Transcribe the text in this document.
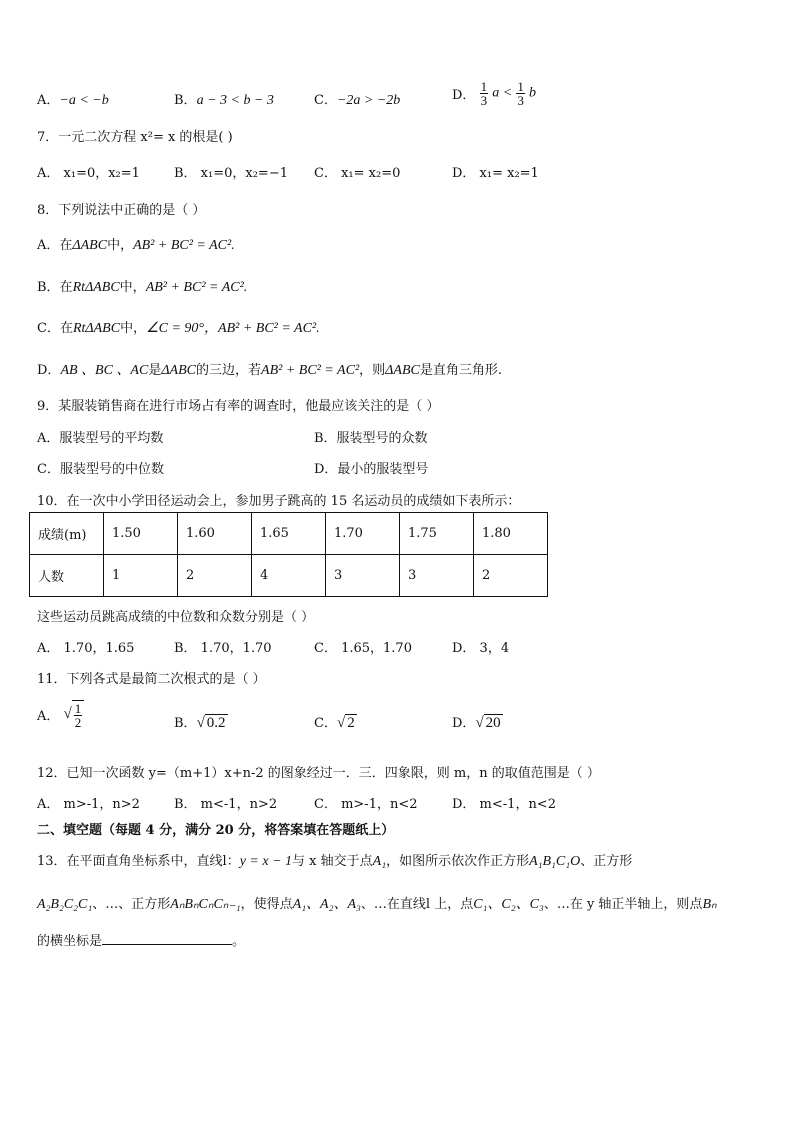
A．−a < −b	B．a − 3 < b − 3	C．−2a > −2b	D． $\frac{1}{3}$ $a < \frac{1}{3}$ b
7．一元二次方程 x²= x 的根是( )
A． x₁=0，x₂=1	B． x₁=0，x₂=−1 C． x₁= x₂=0	D． x₁= x₂=1
8．下列说法中正确的是（ ）
A．在ΔABC中，AB² + BC² = AC².
B．在RtΔABC中，AB² + BC² = AC².
C．在RtΔABC中，∠C = 90°，AB² + BC² = AC².
D．AB 、BC 、AC是ΔABC的三边，若AB² + BC² = AC²，则ΔABC是直角三角形.
9．某服装销售商在进行市场占有率的调查时，他最应该关注的是（ ）
A．服装型号的平均数	B．服装型号的众数
C．服装型号的中位数	D．最小的服装型号
10．在一次中小学田径运动会上，参加男子跳高的 15 名运动员的成绩如下表所示：
成绩(m)	1.50	1.60	1.65	1.70	1.75	1.80
人数	1	2	4	3	3	2
这些运动员跳高成绩的中位数和众数分别是（ ）
A． 1.70，1.65	B． 1.70，1.70	C． 1.65，1.70	D． 3，4
11．下列各式是最简二次根式的是（ ）
A． √ $\frac{1}{2}$	B．√ 0.2	C．√ 2	D．√ 20
12．已知一次函数 y=（m+1）x+n-2 的图象经过一．三．四象限，则 m，n 的取值范围是（ ）
A． m>-1，n>2	B． m<-1，n>2	C． m>-1，n<2	D． m<-1，n<2
二、填空题（每题 4 分，满分 20 分，将答案填在答题纸上）
13．在平面直角坐标系中，直线l：y = x − 1与 x 轴交于点A₁，如图所示依次作正方形A₁B₁C₁O、正方形
A₂B₂C₂C₁、…、正方形AₙBₙCₙCₙ₋₁，使得点A₁、A₂、A₃、…在直线l 上，点C₁、C₂、C₃、…在 y 轴正半轴上，则点Bₙ
的横坐标是	。
